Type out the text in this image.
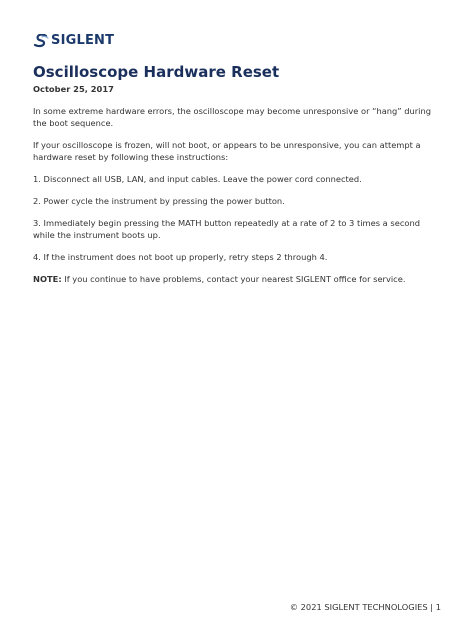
SIGLENT
Oscilloscope Hardware Reset
October 25, 2017

In some extreme hardware errors, the oscilloscope may become unresponsive or “hang” during the boot sequence.

If your oscilloscope is frozen, will not boot, or appears to be unresponsive, you can attempt a hardware reset by following these instructions:

1. Disconnect all USB, LAN, and input cables. Leave the power cord connected.

2. Power cycle the instrument by pressing the power button.

3. Immediately begin pressing the MATH button repeatedly at a rate of 2 to 3 times a second while the instrument boots up.

4. If the instrument does not boot up properly, retry steps 2 through 4.

NOTE: If you continue to have problems, contact your nearest SIGLENT office for service.

© 2021 SIGLENT TECHNOLOGIES | 1
